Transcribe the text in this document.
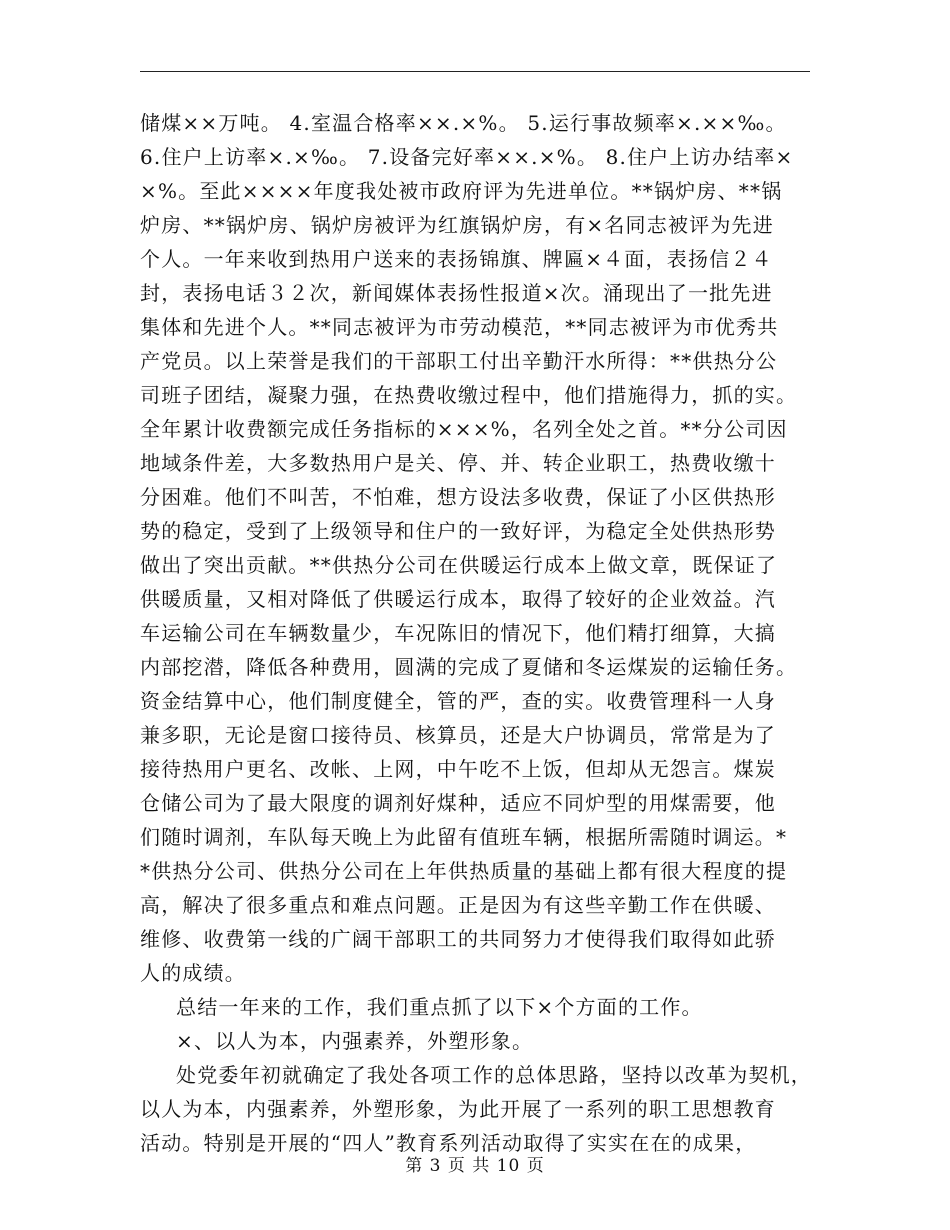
储煤××万吨。 4.室温合格率××.×%。 5.运行事故频率×.××‰。
6.住户上访率×.×‰。 7.设备完好率××.×%。 8.住户上访办结率×
×%。至此××××年度我处被市政府评为先进单位。**锅炉房、**锅
炉房、**锅炉房、锅炉房被评为红旗锅炉房，有×名同志被评为先进
个人。一年来收到热用户送来的表扬锦旗、牌匾×４面，表扬信２４
封，表扬电话３２次，新闻媒体表扬性报道×次。涌现出了一批先进
集体和先进个人。**同志被评为市劳动模范，**同志被评为市优秀共
产党员。以上荣誉是我们的干部职工付出辛勤汗水所得：**供热分公
司班子团结，凝聚力强，在热费收缴过程中，他们措施得力，抓的实。
全年累计收费额完成任务指标的×××%，名列全处之首。**分公司因
地域条件差，大多数热用户是关、停、并、转企业职工，热费收缴十
分困难。他们不叫苦，不怕难，想方设法多收费，保证了小区供热形
势的稳定，受到了上级领导和住户的一致好评，为稳定全处供热形势
做出了突出贡献。**供热分公司在供暖运行成本上做文章，既保证了
供暖质量，又相对降低了供暖运行成本，取得了较好的企业效益。汽
车运输公司在车辆数量少，车况陈旧的情况下，他们精打细算，大搞
内部挖潜，降低各种费用，圆满的完成了夏储和冬运煤炭的运输任务。
资金结算中心，他们制度健全，管的严，查的实。收费管理科一人身
兼多职，无论是窗口接待员、核算员，还是大户协调员，常常是为了
接待热用户更名、改帐、上网，中午吃不上饭，但却从无怨言。煤炭
仓储公司为了最大限度的调剂好煤种，适应不同炉型的用煤需要，他
们随时调剂，车队每天晚上为此留有值班车辆，根据所需随时调运。*
*供热分公司、供热分公司在上年供热质量的基础上都有很大程度的提
高，解决了很多重点和难点问题。正是因为有这些辛勤工作在供暖、
维修、收费第一线的广阔干部职工的共同努力才使得我们取得如此骄
人的成绩。
总结一年来的工作，我们重点抓了以下×个方面的工作。
×、以人为本，内强素养，外塑形象。
处党委年初就确定了我处各项工作的总体思路，坚持以改革为契机，
以人为本，内强素养，外塑形象，为此开展了一系列的职工思想教育
活动。特别是开展的“四人”教育系列活动取得了实实在在的成果，
第 3 页 共 10 页
